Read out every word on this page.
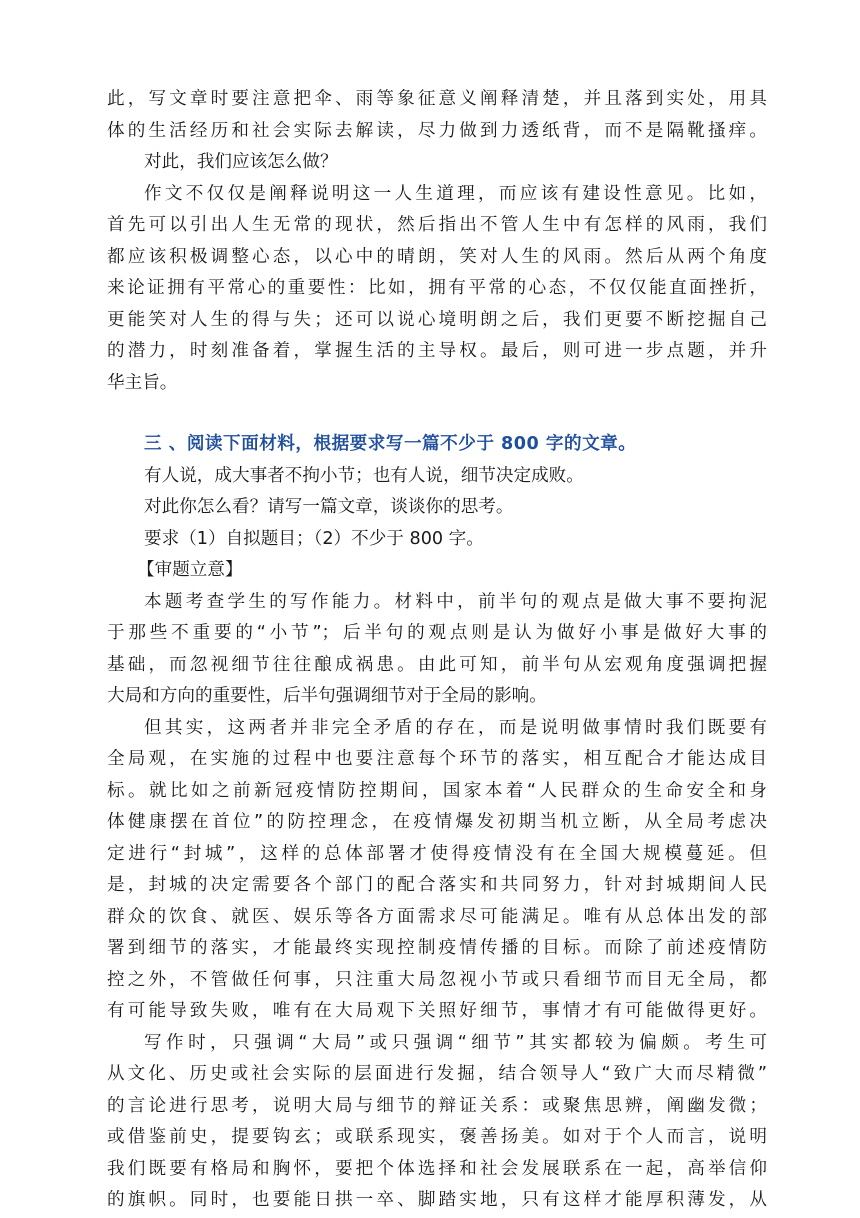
此，写文章时要注意把伞、雨等象征意义阐释清楚，并且落到实处，用具
体的生活经历和社会实际去解读，尽力做到力透纸背，而不是隔靴搔痒。
对此，我们应该怎么做？
作文不仅仅是阐释说明这一人生道理，而应该有建设性意见。比如，
首先可以引出人生无常的现状，然后指出不管人生中有怎样的风雨，我们
都应该积极调整心态，以心中的晴朗，笑对人生的风雨。然后从两个角度
来论证拥有平常心的重要性：比如，拥有平常的心态，不仅仅能直面挫折，
更能笑对人生的得与失；还可以说心境明朗之后，我们更要不断挖掘自己
的潜力，时刻准备着，掌握生活的主导权。最后，则可进一步点题，并升
华主旨。
三 、阅读下面材料，根据要求写一篇不少于 800 字的文章。
有人说，成大事者不拘小节；也有人说，细节决定成败。
对此你怎么看？请写一篇文章，谈谈你的思考。
要求（1）自拟题目；（2）不少于 800 字。
【审题立意】
本题考查学生的写作能力。材料中，前半句的观点是做大事不要拘泥
于那些不重要的“小节”；后半句的观点则是认为做好小事是做好大事的
基础，而忽视细节往往酿成祸患。由此可知，前半句从宏观角度强调把握
大局和方向的重要性，后半句强调细节对于全局的影响。
但其实，这两者并非完全矛盾的存在，而是说明做事情时我们既要有
全局观，在实施的过程中也要注意每个环节的落实，相互配合才能达成目
标。就比如之前新冠疫情防控期间，国家本着“人民群众的生命安全和身
体健康摆在首位”的防控理念，在疫情爆发初期当机立断，从全局考虑决
定进行“封城”，这样的总体部署才使得疫情没有在全国大规模蔓延。但
是，封城的决定需要各个部门的配合落实和共同努力，针对封城期间人民
群众的饮食、就医、娱乐等各方面需求尽可能满足。唯有从总体出发的部
署到细节的落实，才能最终实现控制疫情传播的目标。而除了前述疫情防
控之外，不管做任何事，只注重大局忽视小节或只看细节而目无全局，都
有可能导致失败，唯有在大局观下关照好细节，事情才有可能做得更好。
写作时，只强调“大局”或只强调“细节”其实都较为偏颇。考生可
从文化、历史或社会实际的层面进行发掘，结合领导人“致广大而尽精微”
的言论进行思考，说明大局与细节的辩证关系：或聚焦思辨，阐幽发微；
或借鉴前史，提要钩玄；或联系现实，褒善扬美。如对于个人而言，说明
我们既要有格局和胸怀，要把个体选择和社会发展联系在一起，高举信仰
的旗帜。同时，也要能日拱一卒、脚踏实地，只有这样才能厚积薄发，从
